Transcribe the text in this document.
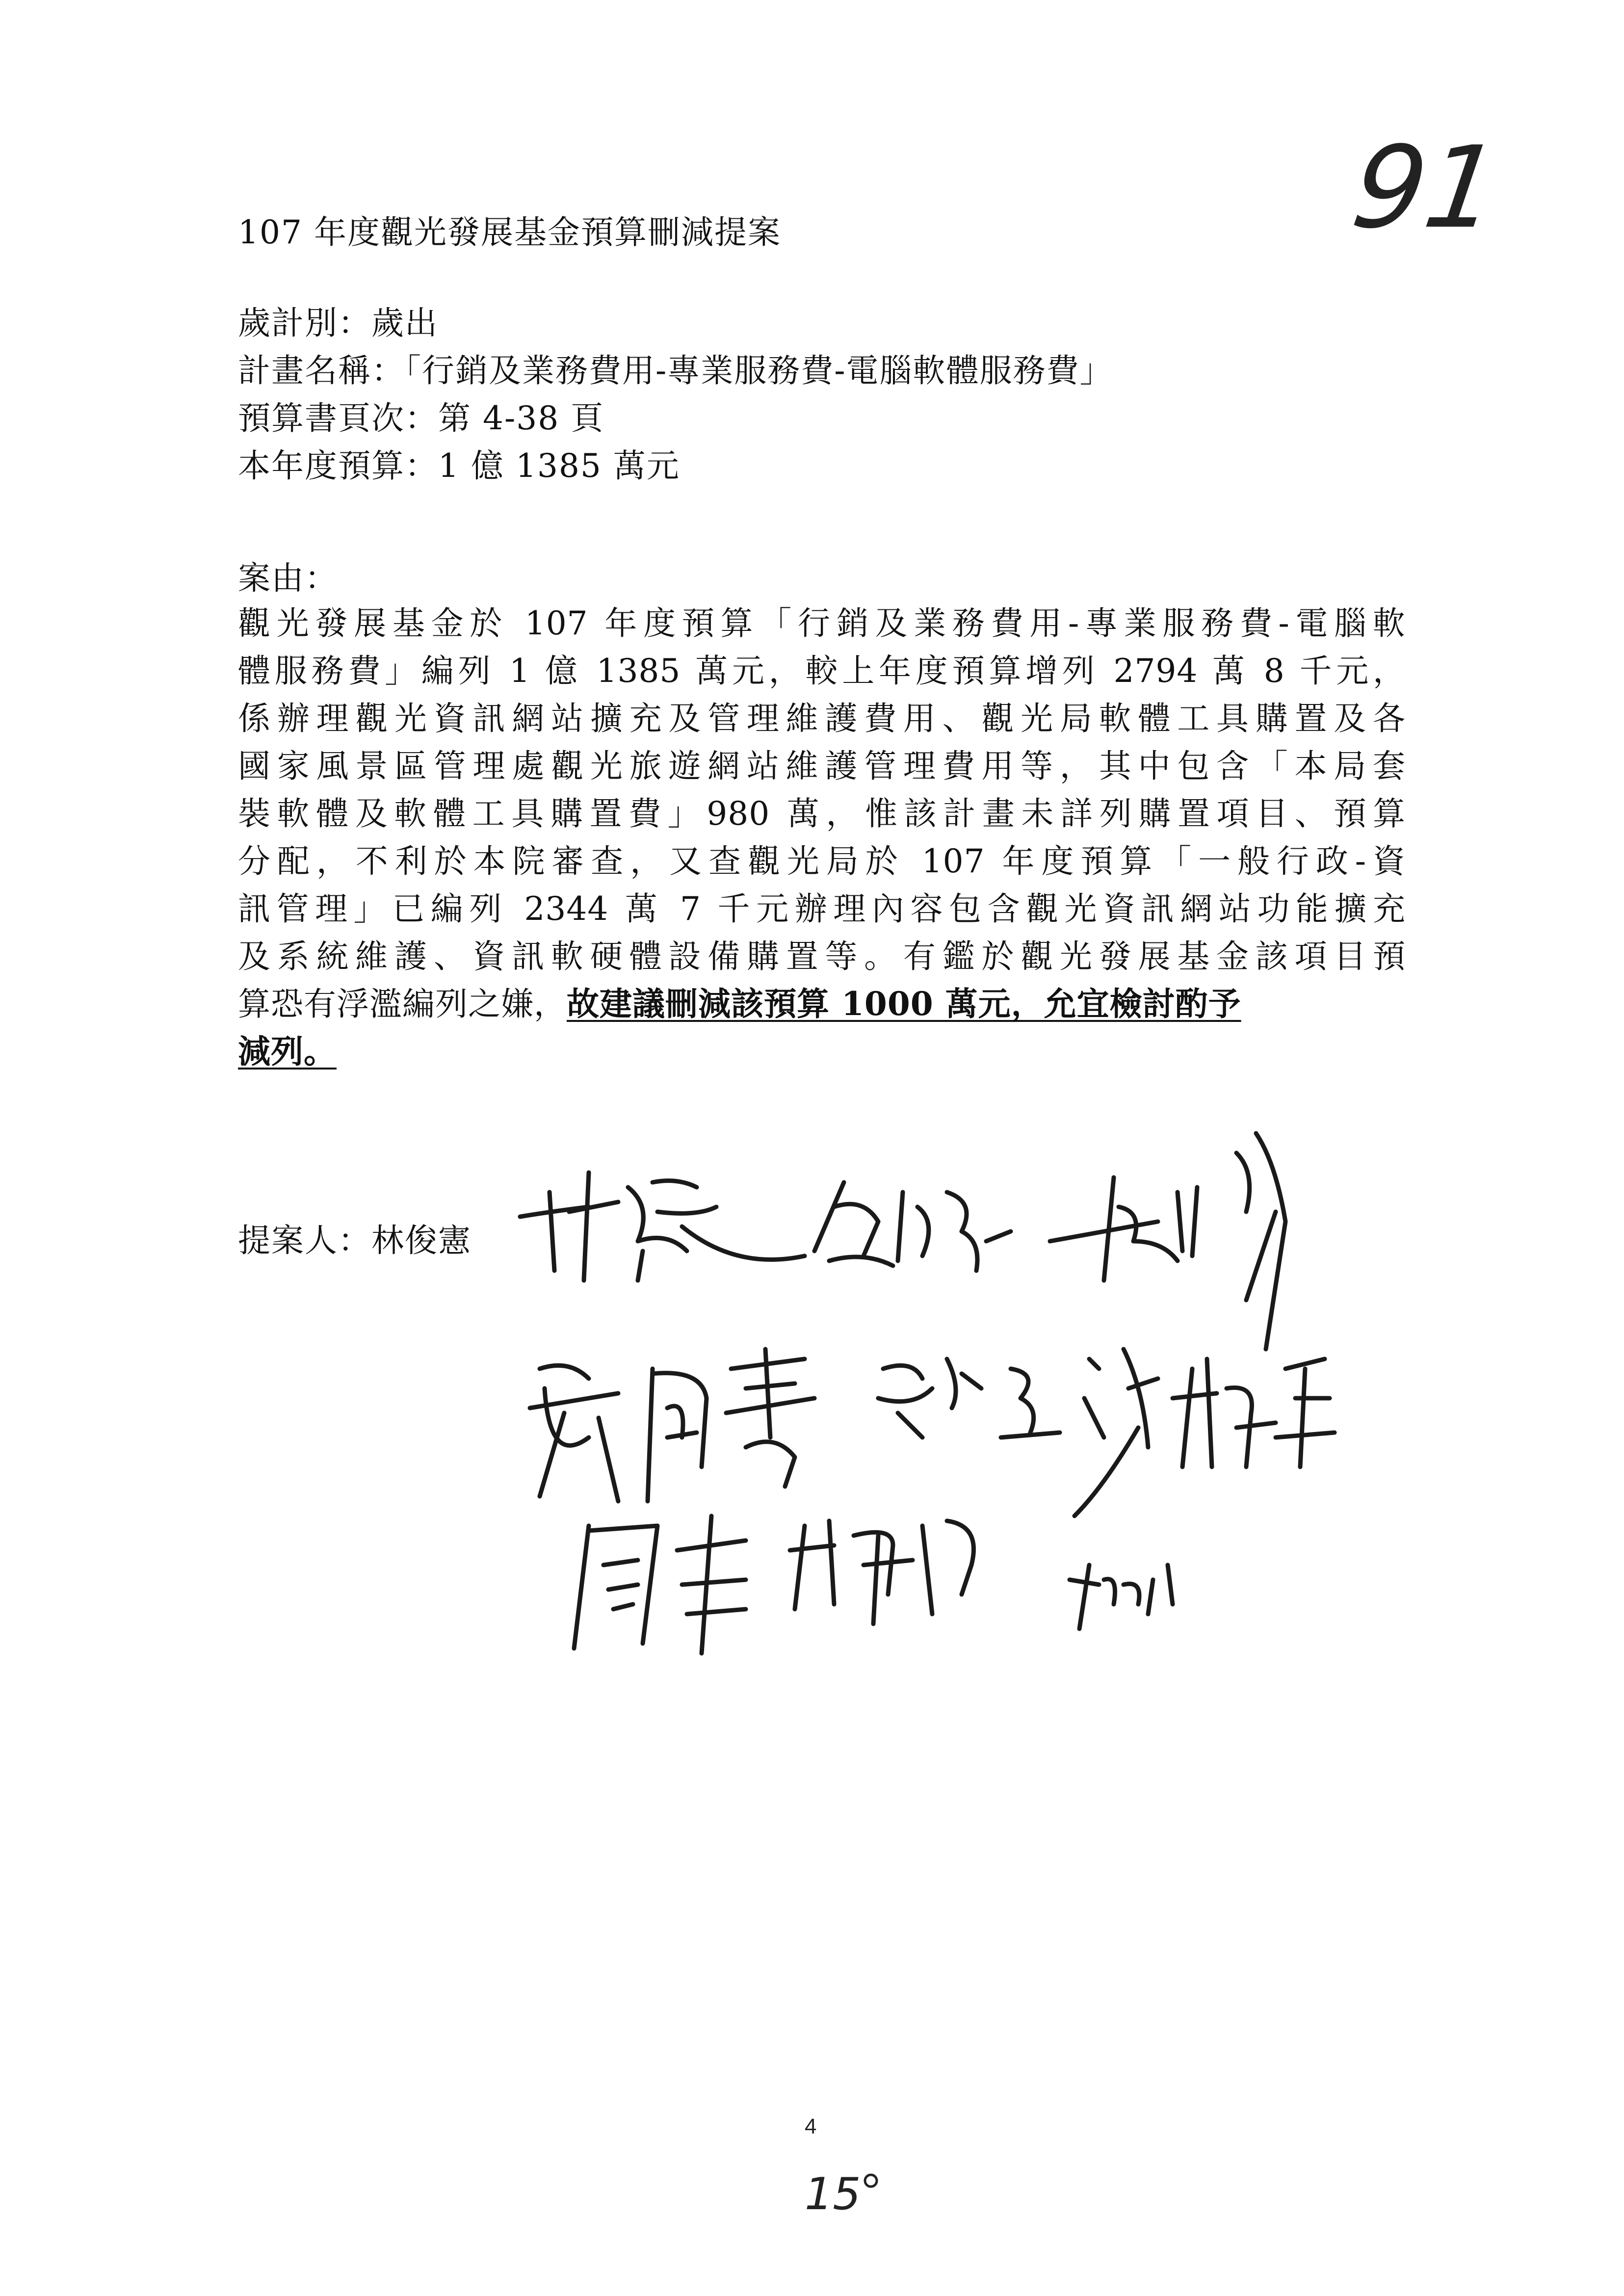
91
107 年度觀光發展基金預算刪減提案
歲計別：歲出
計畫名稱：「行銷及業務費用-專業服務費-電腦軟體服務費」
預算書頁次：第 4-38 頁
本年度預算：1 億 1385 萬元
案由：
觀光發展基金於 107 年度預算「行銷及業務費用-專業服務費-電腦軟
體服務費」編列 1 億 1385 萬元，較上年度預算增列 2794 萬 8 千元，
係辦理觀光資訊網站擴充及管理維護費用、觀光局軟體工具購置及各
國家風景區管理處觀光旅遊網站維護管理費用等，其中包含「本局套
裝軟體及軟體工具購置費」980 萬，惟該計畫未詳列購置項目、預算
分配，不利於本院審查，又查觀光局於 107 年度預算「一般行政-資
訊管理」已編列 2344 萬 7 千元辦理內容包含觀光資訊網站功能擴充
及系統維護、資訊軟硬體設備購置等。有鑑於觀光發展基金該項目預
算恐有浮濫編列之嫌，故建議刪減該預算 1000 萬元，允宜檢討酌予
減列。
提案人：林俊憲
4
15
